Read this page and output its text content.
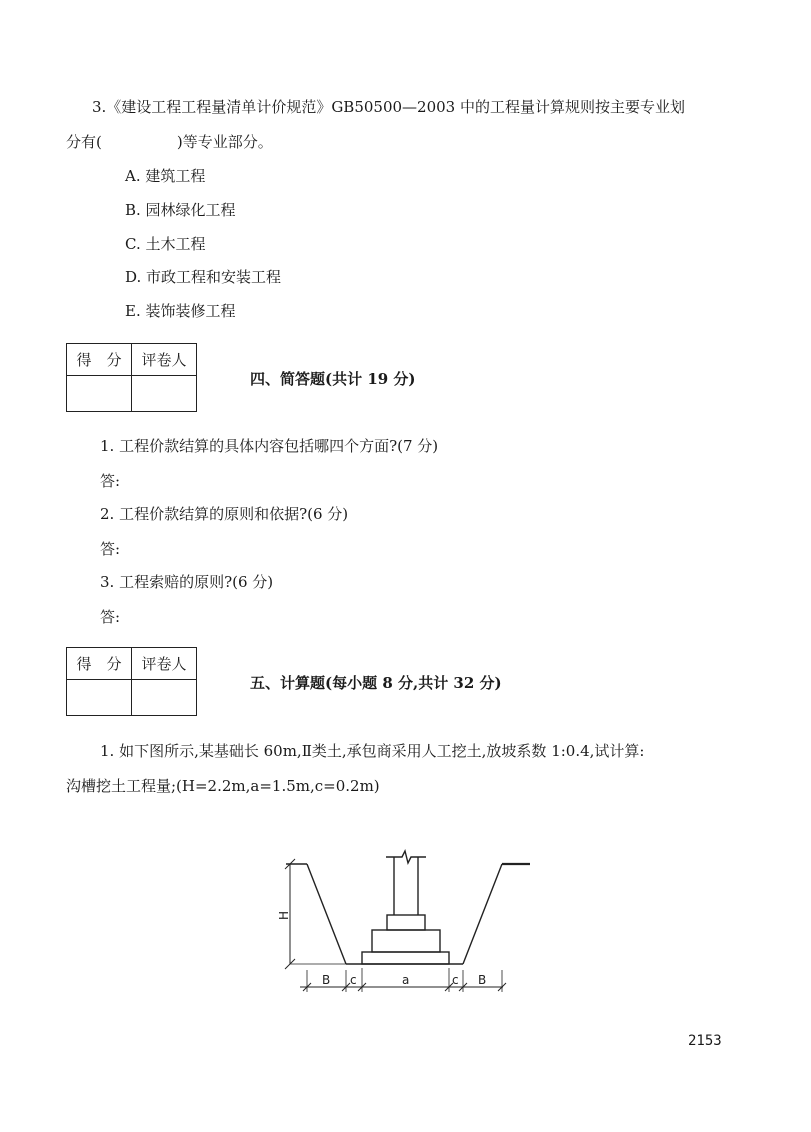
3.《建设工程工程量清单计价规范》GB50500—2003 中的工程量计算规则按主要专业划
分有(　　　　　)等专业部分。
A. 建筑工程
B. 园林绿化工程
C. 土木工程
D. 市政工程和安装工程
E. 装饰装修工程
得　分	评卷人

四、简答题(共计 19 分)
1. 工程价款结算的具体内容包括哪四个方面?(7 分)
答:
2. 工程价款结算的原则和依据?(6 分)
答:
3. 工程索赔的原则?(6 分)
答:
得　分	评卷人

五、计算题(每小题 8 分,共计 32 分)
1. 如下图所示,某基础长 60m,Ⅱ类土,承包商采用人工挖土,放坡系数 1:0.4,试计算:
沟槽挖土工程量;(H=2.2m,a=1.5m,c=0.2m)
H
B c	a	c B
2153
